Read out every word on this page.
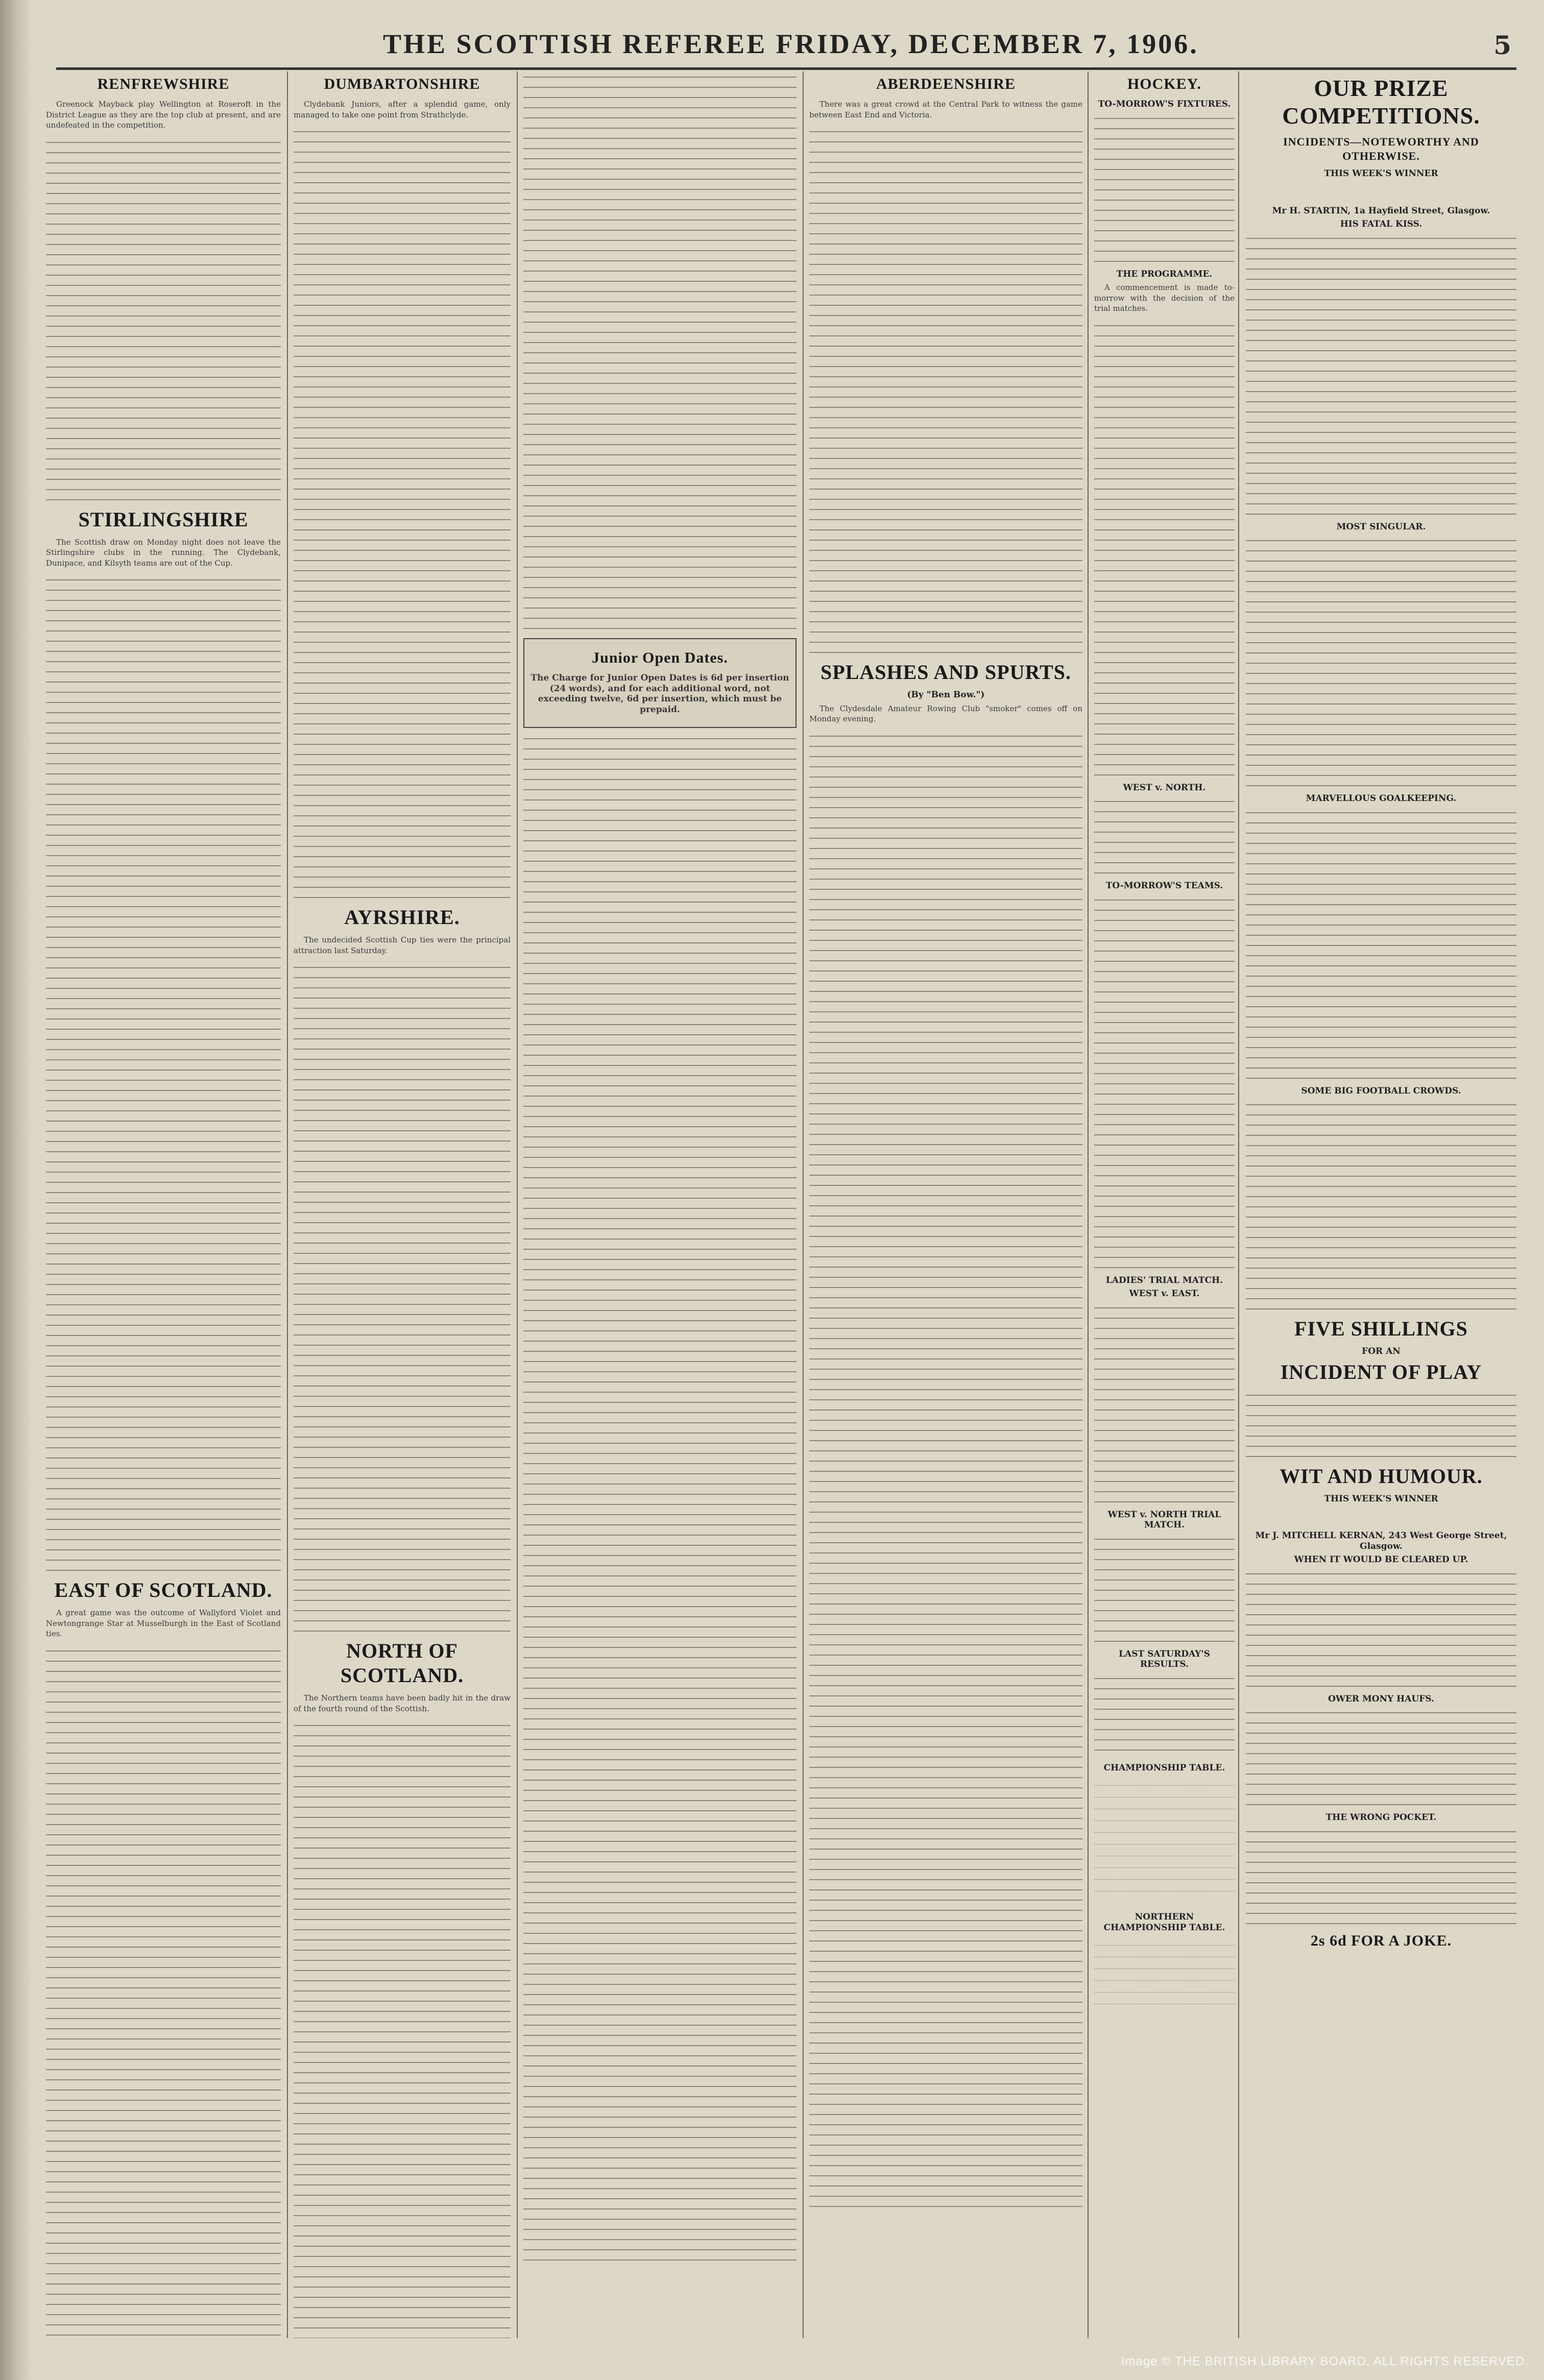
THE SCOTTISH REFEREE FRIDAY, DECEMBER 7, 1906.	5
RENFREWSHIRE

Greenock Mayback play Wellington at Roseroft in the District League as they are the top club at present, and are undefeated in the competition.

STIRLINGSHIRE

The Scottish draw on Monday night does not leave the Stirlingshire clubs in the running. The Clydebank, Dunipace, and Kilsyth teams are out of the Cup.

EAST OF SCOTLAND.

A great game was the outcome of Wallyford Violet and Newtongrange Star at Musselburgh in the East of Scotland ties.

DUMBARTONSHIRE

Clydebank Juniors, after a splendid game, only managed to take one point from Strathclyde.

AYRSHIRE.

The undecided Scottish Cup ties were the principal attraction last Saturday.

NORTH OF SCOTLAND.

The Northern teams have been badly hit in the draw of the fourth round of the Scottish.

Junior Open Dates.

The Charge for Junior Open Dates is 6d per insertion (24 words), and for each additional word, not exceeding twelve, 6d per insertion, which must be prepaid.

ABERDEENSHIRE

There was a great crowd at the Central Park to witness the game between East End and Victoria.

SPLASHES AND SPURTS.
(By "Ben Bow.")

The Clydesdale Amateur Rowing Club "smoker" comes off on Monday evening.

HOCKEY.
TO-MORROW'S FIXTURES.
THE PROGRAMME.

A commencement is made to-morrow with the decision of the trial matches.

WEST v. NORTH.
TO-MORROW'S TEAMS.
LADIES' TRIAL MATCH.
WEST v. EAST.
WEST v. NORTH TRIAL MATCH.
LAST SATURDAY'S RESULTS.
CHAMPIONSHIP TABLE.
NORTHERN CHAMPIONSHIP TABLE.
OUR PRIZE COMPETITIONS.
INCIDENTS—NOTEWORTHY AND OTHERWISE.
THIS WEEK'S WINNER
Mr H. STARTIN, 1a Hayfield Street, Glasgow.
HIS FATAL KISS.
MOST SINGULAR.
MARVELLOUS GOALKEEPING.
SOME BIG FOOTBALL CROWDS.
FIVE SHILLINGS
FOR AN
INCIDENT OF PLAY
WIT AND HUMOUR.
THIS WEEK'S WINNER
Mr J. MITCHELL KERNAN, 243 West George Street, Glasgow.
WHEN IT WOULD BE CLEARED UP.
OWER MONY HAUFS.
THE WRONG POCKET.
2s 6d FOR A JOKE.
Image © THE BRITISH LIBRARY BOARD. ALL RIGHTS RESERVED.
